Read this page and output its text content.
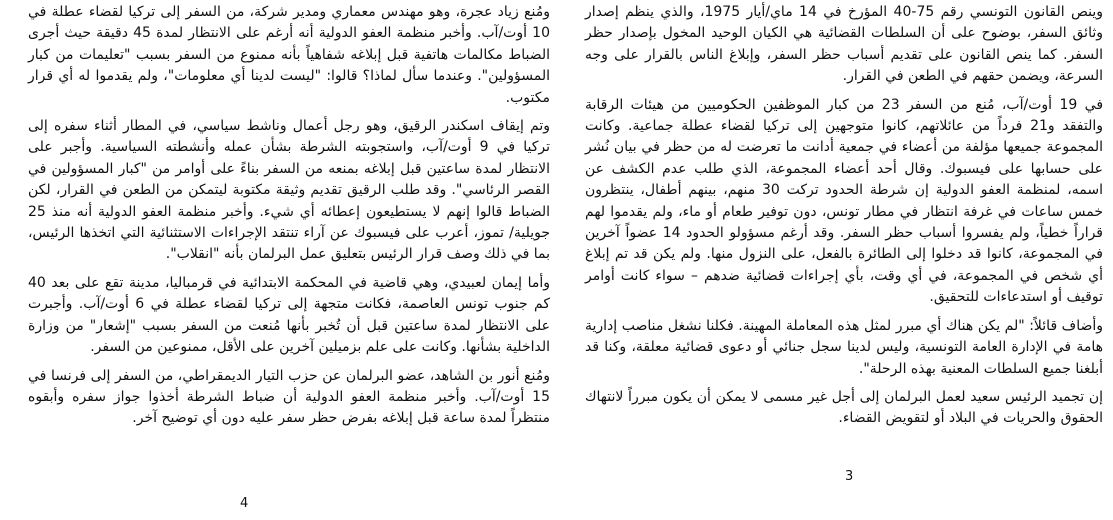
وينص القانون التونسي رقم 75-40 المؤرخ في 14 ماي/أيار 1975، والذي ينظم إصدار وثائق السفر، بوضوح على أن السلطات القضائية هي الكيان الوحيد المخول بإصدار حظر السفر. كما ينص القانون على تقديم أسباب حظر السفر، وإبلاغ الناس بالقرار على وجه السرعة، ويضمن حقهم في الطعن في القرار.

في 19 أوت/آب، مُنع من السفر 23 من كبار الموظفين الحكوميين من هيئات الرقابة والتفقد و21 فرداً من عائلاتهم، كانوا متوجهين إلى تركيا لقضاء عطلة جماعية. وكانت المجموعة جميعها مؤلفة من أعضاء في جمعية أدانت ما تعرضت له من حظر في بيان نُشر على حسابها على فيسبوك. وقال أحد أعضاء المجموعة، الذي طلب عدم الكشف عن اسمه، لمنظمة العفو الدولية إن شرطة الحدود تركت 30 منهم، بينهم أطفال، ينتظرون خمس ساعات في غرفة انتظار في مطار تونس، دون توفير طعام أو ماء، ولم يقدموا لهم قراراً خطياً، ولم يفسروا أسباب حظر السفر. وقد أرغم مسؤولو الحدود 14 عضواً آخرين في المجموعة، كانوا قد دخلوا إلى الطائرة بالفعل، على النزول منها. ولم يكن قد تم إبلاغ أي شخص في المجموعة، في أي وقت، بأي إجراءات قضائية ضدهم – سواء كانت أوامر توقيف أو استدعاءات للتحقيق.

وأضاف قائلاً: "لم يكن هناك أي مبرر لمثل هذه المعاملة المهينة. فكلنا نشغل مناصب إدارية هامة في الإدارة العامة التونسية، وليس لدينا سجل جنائي أو دعوى قضائية معلقة، وكنا قد أبلغنا جميع السلطات المعنية بهذه الرحلة".

إن تجميد الرئيس سعيد لعمل البرلمان إلى أجل غير مسمى لا يمكن أن يكون مبرراً لانتهاك الحقوق والحريات في البلاد أو لتقويض القضاء.

3

ومُنع زياد عجرة، وهو مهندس معماري ومدير شركة، من السفر إلى تركيا لقضاء عطلة في 10 أوت/آب. وأخبر منظمة العفو الدولية أنه أرغم على الانتظار لمدة 45 دقيقة حيث أجرى الضباط مكالمات هاتفية قبل إبلاغه شفاهياً بأنه ممنوع من السفر بسبب "تعليمات من كبار المسؤولين". وعندما سأل لماذا؟ قالوا: "ليست لدينا أي معلومات"، ولم يقدموا له أي قرار مكتوب.

وتم إيقاف اسكندر الرقيق، وهو رجل أعمال وناشط سياسي، في المطار أثناء سفره إلى تركيا في 9 أوت/آب، واستجوبته الشرطة بشأن عمله وأنشطته السياسية. وأجبر على الانتظار لمدة ساعتين قبل إبلاغه بمنعه من السفر بناءً على أوامر من "كبار المسؤولين في القصر الرئاسي". وقد طلب الرقيق تقديم وثيقة مكتوبة ليتمكن من الطعن في القرار، لكن الضباط قالوا إنهم لا يستطيعون إعطائه أي شيء. وأخبر منظمة العفو الدولية أنه منذ 25 جويلية/ تموز، أعرب على فيسبوك عن آراء تنتقد الإجراءات الاستثنائية التي اتخذها الرئيس، بما في ذلك وصف قرار الرئيس بتعليق عمل البرلمان بأنه "انقلاب".

وأما إيمان لعبيدي، وهي قاضية في المحكمة الابتدائية في قرمباليا، مدينة تقع على بعد 40 كم جنوب تونس العاصمة، فكانت متجهة إلى تركيا لقضاء عطلة في 6 أوت/آب. وأجبرت على الانتظار لمدة ساعتين قبل أن تُخبر بأنها مُنعت من السفر بسبب "إشعار" من وزارة الداخلية بشأنها. وكانت على علم بزميلين آخرين على الأقل، ممنوعين من السفر.

ومُنع أنور بن الشاهد، عضو البرلمان عن حزب التيار الديمقراطي، من السفر إلى فرنسا في 15 أوت/آب. وأخبر منظمة العفو الدولية أن ضباط الشرطة أخذوا جواز سفره وأبقوه منتظراً لمدة ساعة قبل إبلاغه بفرض حظر سفر عليه دون أي توضيح آخر.

4
